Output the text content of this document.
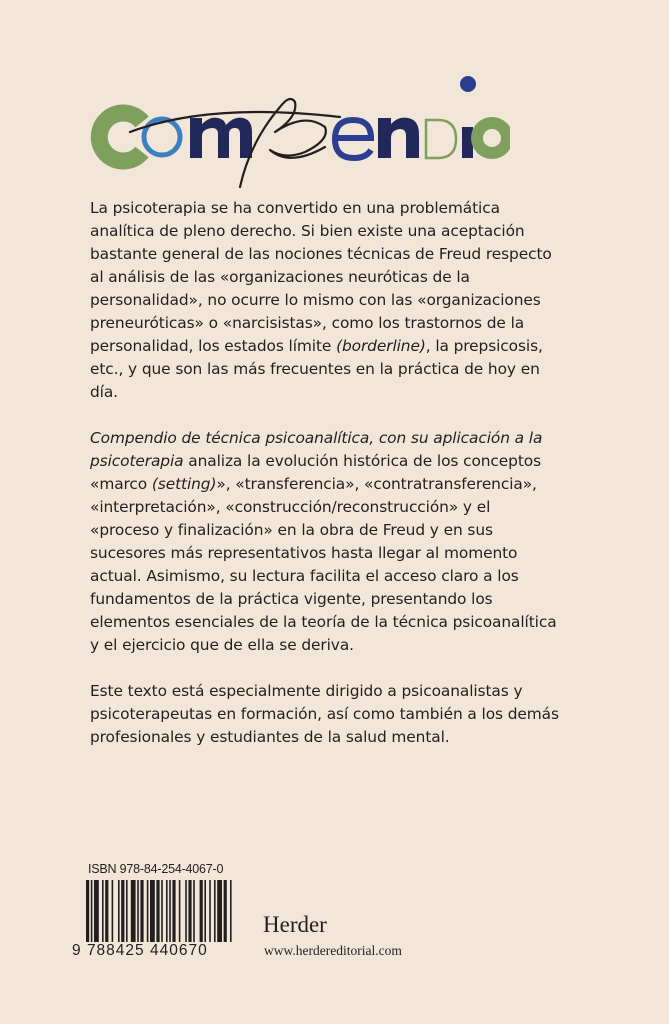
La psicoterapia se ha convertido en una problemática analítica de pleno derecho. Si bien existe una aceptación bastante general de las nociones técnicas de Freud respecto al análisis de las «organizaciones neuróticas de la personalidad», no ocurre lo mismo con las «organizaciones preneuróticas» o «narcisistas», como los trastornos de la personalidad, los estados límite (borderline), la prepsicosis, etc., y que son las más frecuentes en la práctica de hoy en día.

Compendio de técnica psicoanalítica, con su aplicación a la psicoterapia analiza la evolución histórica de los conceptos «marco (setting)», «transferencia», «contratransferencia», «interpretación», «construcción/reconstrucción» y el «proceso y finalización» en la obra de Freud y en sus sucesores más representativos hasta llegar al momento actual. Asimismo, su lectura facilita el acceso claro a los fundamentos de la práctica vigente, presentando los elementos esenciales de la teoría de la técnica psicoanalítica y el ejercicio que de ella se deriva.

Este texto está especialmente dirigido a psicoanalistas y psicoterapeutas en formación, así como también a los demás profesionales y estudiantes de la salud mental.

ISBN 978-84-254-4067-0
9 788425 440670
Herder
www.herdereditorial.com
